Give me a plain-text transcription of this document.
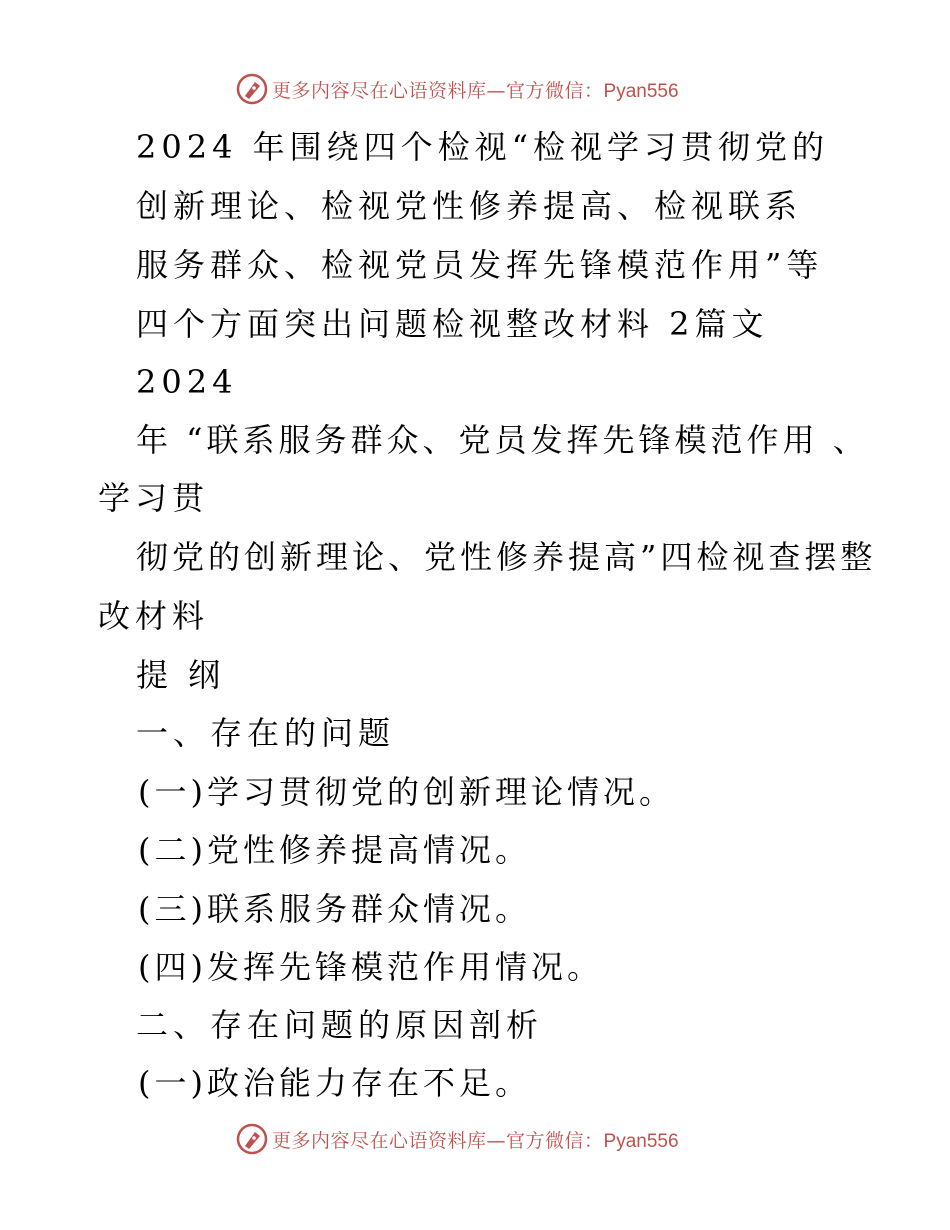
更多内容尽在心语资料库—官方微信：Pyan556
2024 年围绕四个检视“检视学习贯彻党的
创新理论、检视党性修养提高、检视联系
服务群众、检视党员发挥先锋模范作用”等
四个方面突出问题检视整改材料 2篇文
2024
年 “联系服务群众、党员发挥先锋模范作用 、
学习贯
彻党的创新理论、党性修养提高”四检视查摆整
改材料
提 纲
一、存在的问题
(一)学习贯彻党的创新理论情况。
(二)党性修养提高情况。
(三)联系服务群众情况。
(四)发挥先锋模范作用情况。
二、存在问题的原因剖析
(一)政治能力存在不足。
更多内容尽在心语资料库—官方微信：Pyan556
